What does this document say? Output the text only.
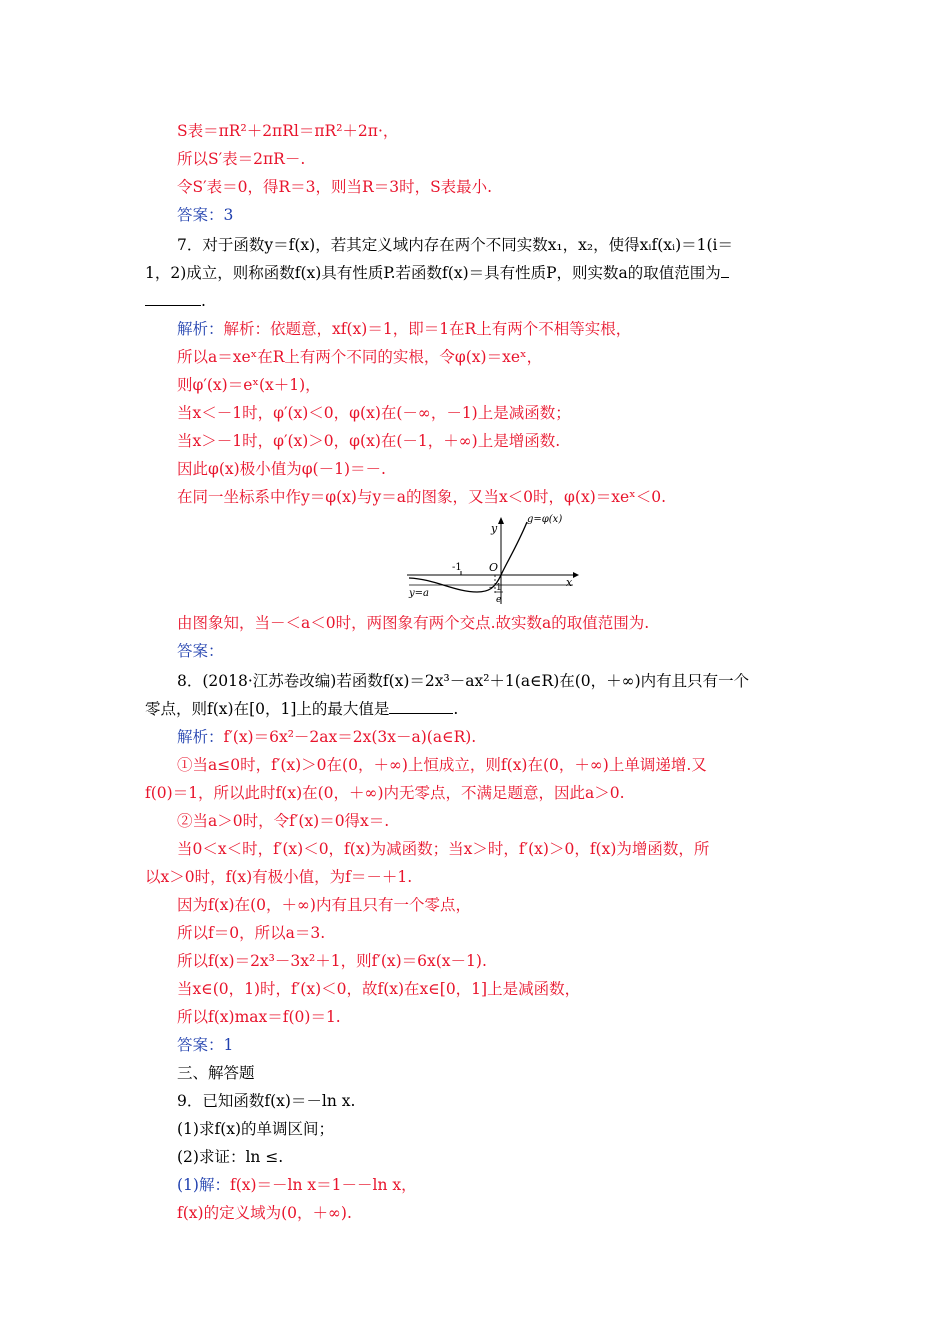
S表＝πR²＋2πRl＝πR²＋2π·，
所以S′表＝2πR－.
令S′表＝0，得R＝3，则当R＝3时，S表最小.
答案：3
7．对于函数y＝f(x)，若其定义域内存在两个不同实数x₁，x₂，使得xᵢf(xᵢ)＝1(i＝
1，2)成立，则称函数f(x)具有性质P.若函数f(x)＝具有性质P，则实数a的取值范围为
.
解析：解析：依题意，xf(x)＝1，即＝1在R上有两个不相等实根，
所以a＝xeˣ在R上有两个不同的实根，令φ(x)＝xeˣ，
则φ′(x)＝eˣ(x＋1)，
当x＜－1时，φ′(x)＜0，φ(x)在(－∞，－1)上是减函数；
当x＞－1时，φ′(x)＞0，φ(x)在(－1，＋∞)上是增函数.
因此φ(x)极小值为φ(－1)＝－.
在同一坐标系中作y＝φ(x)与y＝a的图象，又当x＜0时，φ(x)＝xeˣ＜0.
g=φ(x)
y
x
O
-1
1
e
-
y=a
由图象知，当－＜a＜0时，两图象有两个交点.故实数a的取值范围为.
答案：
8．(2018·江苏卷改编)若函数f(x)＝2x³－ax²＋1(a∈R)在(0，＋∞)内有且只有一个
零点，则f(x)在[0，1]上的最大值是	.
解析：f′(x)＝6x²－2ax＝2x(3x－a)(a∈R).
①当a≤0时，f′(x)＞0在(0，＋∞)上恒成立，则f(x)在(0，＋∞)上单调递增.又
f(0)＝1，所以此时f(x)在(0，＋∞)内无零点，不满足题意，因此a＞0.
②当a＞0时，令f′(x)＝0得x＝.
当0＜x＜时，f′(x)＜0，f(x)为减函数；当x＞时，f′(x)＞0，f(x)为增函数，所
以x＞0时，f(x)有极小值，为f＝－＋1.
因为f(x)在(0，＋∞)内有且只有一个零点，
所以f＝0，所以a＝3.
所以f(x)＝2x³－3x²＋1，则f′(x)＝6x(x－1).
当x∈(0，1)时，f′(x)＜0，故f(x)在x∈[0，1]上是减函数，
所以f(x)max＝f(0)＝1.
答案：1
三、解答题
9．已知函数f(x)＝－ln x.
(1)求f(x)的单调区间；
(2)求证：ln ≤.
(1)解：f(x)＝－ln x＝1－－ln x，
f(x)的定义域为(0，＋∞).
